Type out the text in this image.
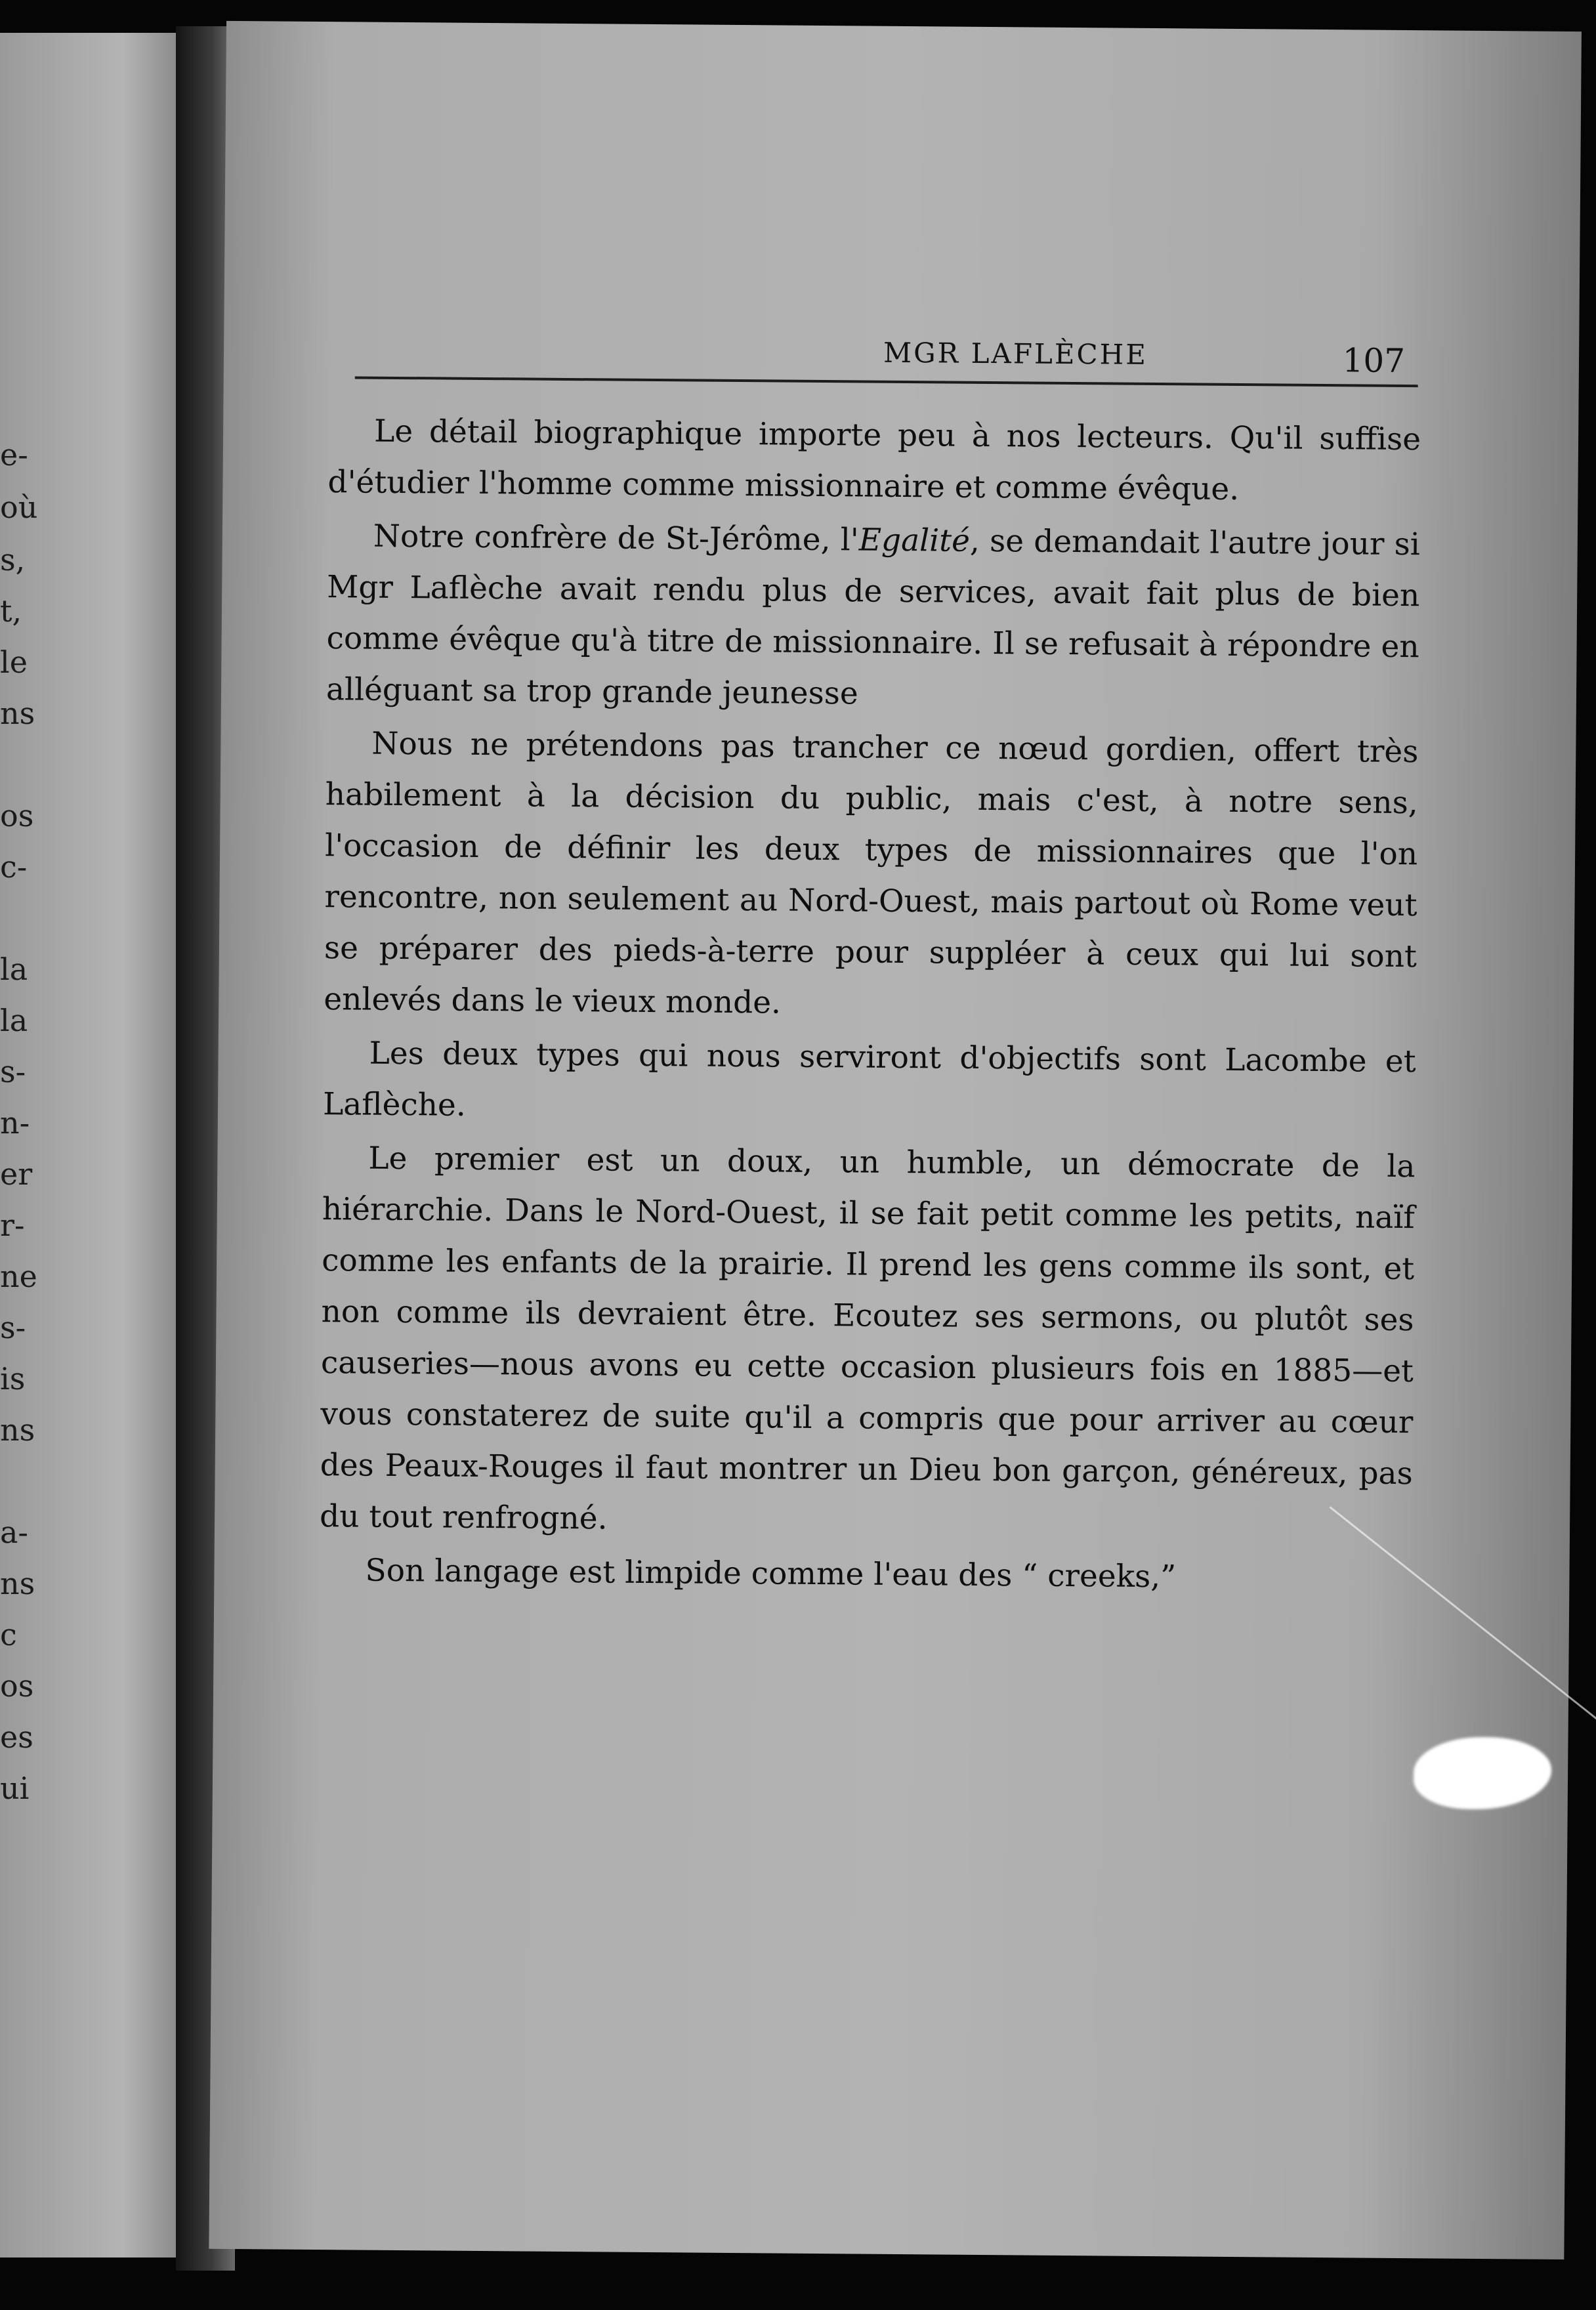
e-
où
s,
t,
le
ns
os
c-
la
la
s-
n-
er
r-
ne
s-
is
ns
a-
ns
c
os
es
ui
MGR LAFLÈCHE	107

Le détail biographique importe peu à nos lecteurs. Qu'il suffise d'étudier l'homme comme missionnaire et comme évêque.

Notre confrère de St-Jérôme, l'Egalité, se demandait l'autre jour si Mgr Laflèche avait rendu plus de services, avait fait plus de bien comme évêque qu'à titre de missionnaire. Il se refusait à répondre en alléguant sa trop grande jeunesse

Nous ne prétendons pas trancher ce nœud gordien, offert très habilement à la décision du public, mais c'est, à notre sens, l'occasion de définir les deux types de missionnaires que l'on rencontre, non seulement au Nord-Ouest, mais partout où Rome veut se préparer des pieds-à-terre pour suppléer à ceux qui lui sont enlevés dans le vieux monde.

Les deux types qui nous serviront d'objectifs sont Lacombe et Laflèche.

Le premier est un doux, un humble, un démocrate de la hiérarchie. Dans le Nord-Ouest, il se fait petit comme les petits, naïf comme les enfants de la prairie. Il prend les gens comme ils sont, et non comme ils devraient être. Ecoutez ses sermons, ou plutôt ses causeries—nous avons eu cette occasion plusieurs fois en 1885—et vous constaterez de suite qu'il a compris que pour arriver au cœur des Peaux-Rouges il faut montrer un Dieu bon garçon, généreux, pas du tout renfrogné.

Son langage est limpide comme l'eau des “ creeks,”
